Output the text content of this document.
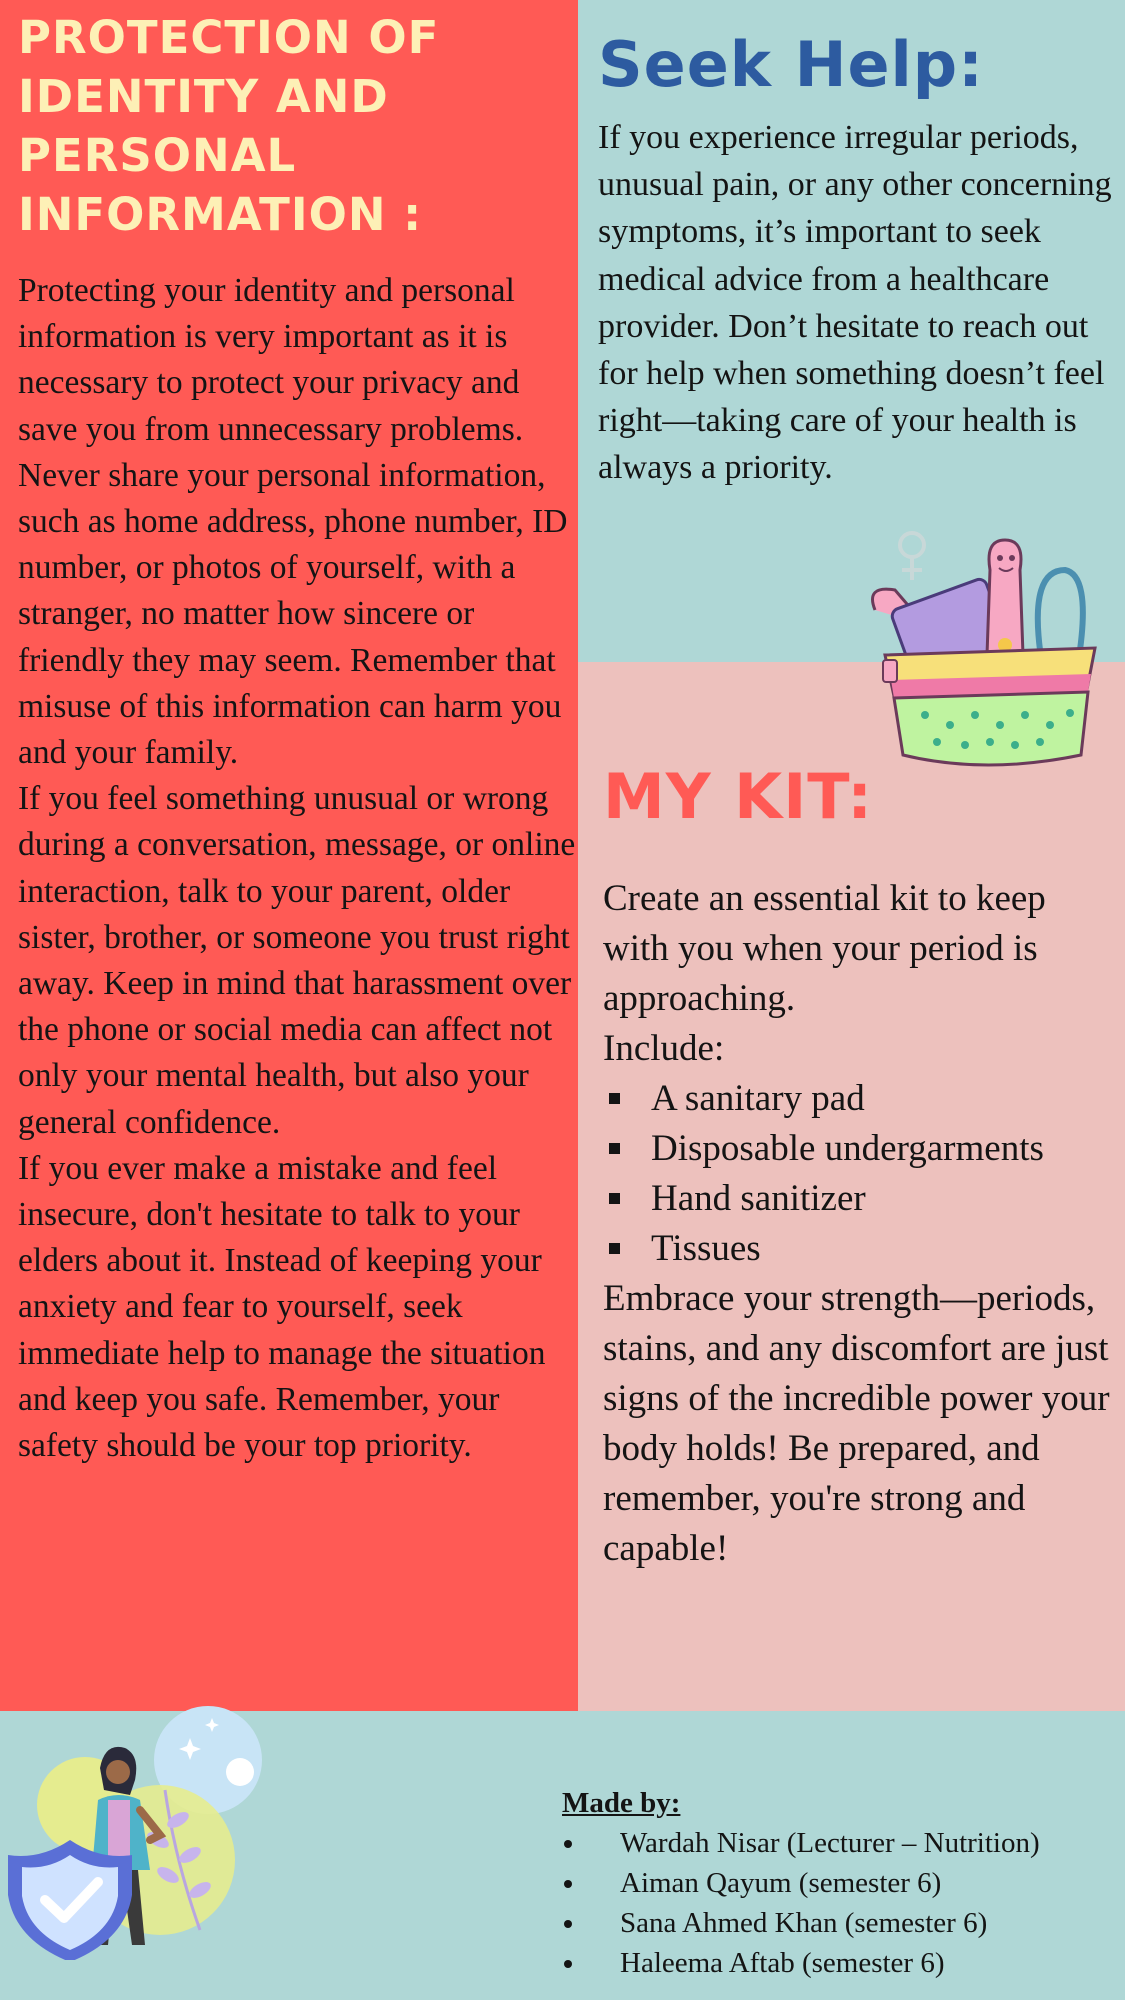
PROTECTION OF IDENTITY AND PERSONAL INFORMATION :

Protecting your identity and personal information is very important as it is necessary to protect your privacy and save you from unnecessary problems. Never share your personal information, such as home address, phone number, ID number, or photos of yourself, with a stranger, no matter how sincere or friendly they may seem. Remember that misuse of this information can harm you and your family.

If you feel something unusual or wrong during a conversation, message, or online interaction, talk to your parent, older sister, brother, or someone you trust right away. Keep in mind that harassment over the phone or social media can affect not only your mental health, but also your general confidence.

If you ever make a mistake and feel insecure, don't hesitate to talk to your elders about it. Instead of keeping your anxiety and fear to yourself, seek immediate help to manage the situation and keep you safe. Remember, your safety should be your top priority.

Seek Help:

If you experience irregular periods, unusual pain, or any other concerning symptoms, it’s important to seek medical advice from a healthcare provider. Don’t hesitate to reach out for help when something doesn’t feel right—taking care of your health is always a priority.

MY KIT:

Create an essential kit to keep with you when your period is approaching.

Include:

A sanitary pad
Disposable undergarments
Hand sanitizer
Tissues

Embrace your strength—periods, stains, and any discomfort are just signs of the incredible power your body holds! Be prepared, and remember, you're strong and capable!

Made by:

Wardah Nisar (Lecturer – Nutrition)
Aiman Qayum (semester 6)
Sana Ahmed Khan (semester 6)
Haleema Aftab (semester 6)
